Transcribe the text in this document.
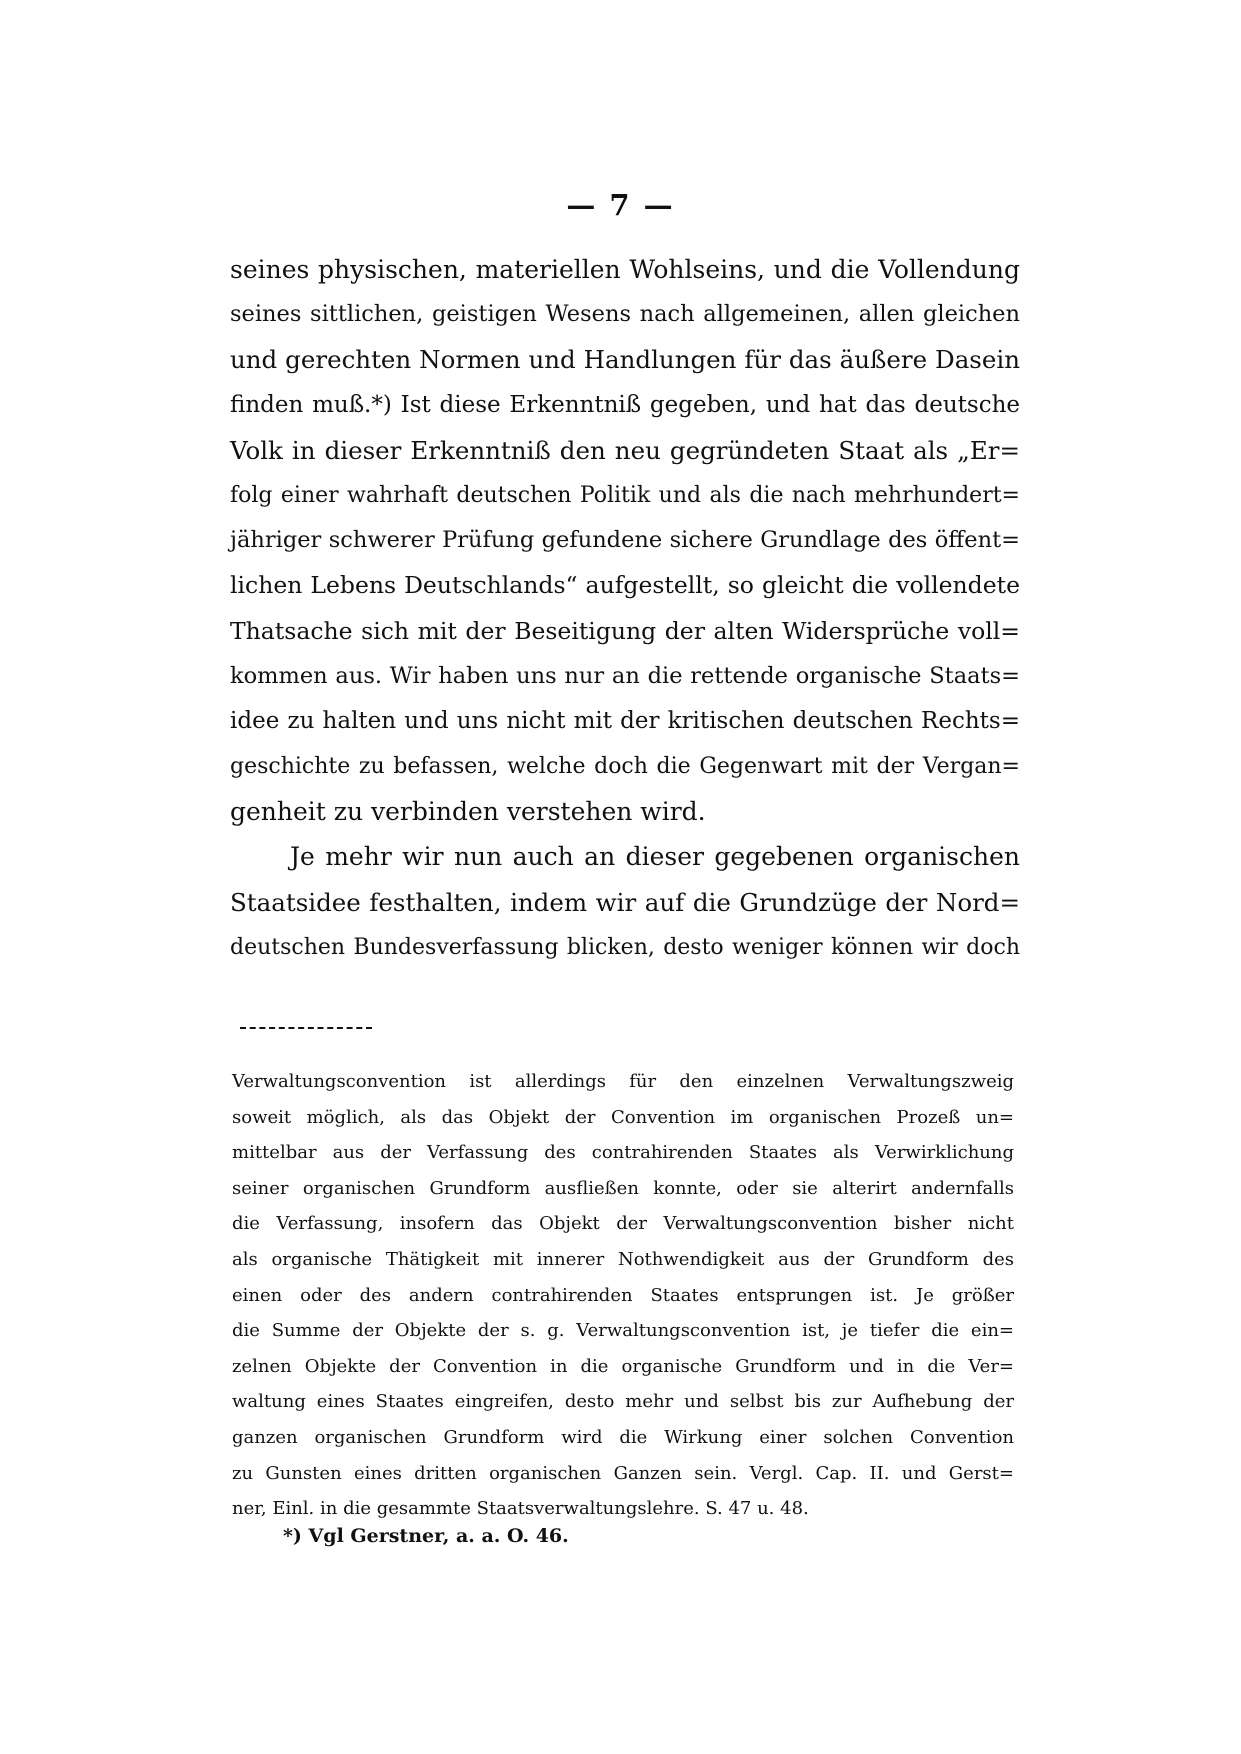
— 7 —
seines physischen, materiellen Wohlseins, und die Vollendung
seines sittlichen, geistigen Wesens nach allgemeinen, allen gleichen
und gerechten Normen und Handlungen für das äußere Dasein
finden muß.*) Ist diese Erkenntniß gegeben, und hat das deutsche
Volk in dieser Erkenntniß den neu gegründeten Staat als „Er=
folg einer wahrhaft deutschen Politik und als die nach mehrhundert=
jähriger schwerer Prüfung gefundene sichere Grundlage des öffent=
lichen Lebens Deutschlands“ aufgestellt, so gleicht die vollendete
Thatsache sich mit der Beseitigung der alten Widersprüche voll=
kommen aus. Wir haben uns nur an die rettende organische Staats=
idee zu halten und uns nicht mit der kritischen deutschen Rechts=
geschichte zu befassen, welche doch die Gegenwart mit der Vergan=
genheit zu verbinden verstehen wird.
Je mehr wir nun auch an dieser gegebenen organischen
Staatsidee festhalten, indem wir auf die Grundzüge der Nord=
deutschen Bundesverfassung blicken, desto weniger können wir doch
Verwaltungsconvention ist allerdings für den einzelnen Verwaltungszweig
soweit möglich, als das Objekt der Convention im organischen Prozeß un=
mittelbar aus der Verfassung des contrahirenden Staates als Verwirklichung
seiner organischen Grundform ausfließen konnte, oder sie alterirt andernfalls
die Verfassung, insofern das Objekt der Verwaltungsconvention bisher nicht
als organische Thätigkeit mit innerer Nothwendigkeit aus der Grundform des
einen oder des andern contrahirenden Staates entsprungen ist. Je größer
die Summe der Objekte der s. g. Verwaltungsconvention ist, je tiefer die ein=
zelnen Objekte der Convention in die organische Grundform und in die Ver=
waltung eines Staates eingreifen, desto mehr und selbst bis zur Aufhebung der
ganzen organischen Grundform wird die Wirkung einer solchen Convention
zu Gunsten eines dritten organischen Ganzen sein. Vergl. Cap. II. und Gerst=
ner, Einl. in die gesammte Staatsverwaltungslehre. S. 47 u. 48.
*) Vgl Gerstner, a. a. O. 46.
